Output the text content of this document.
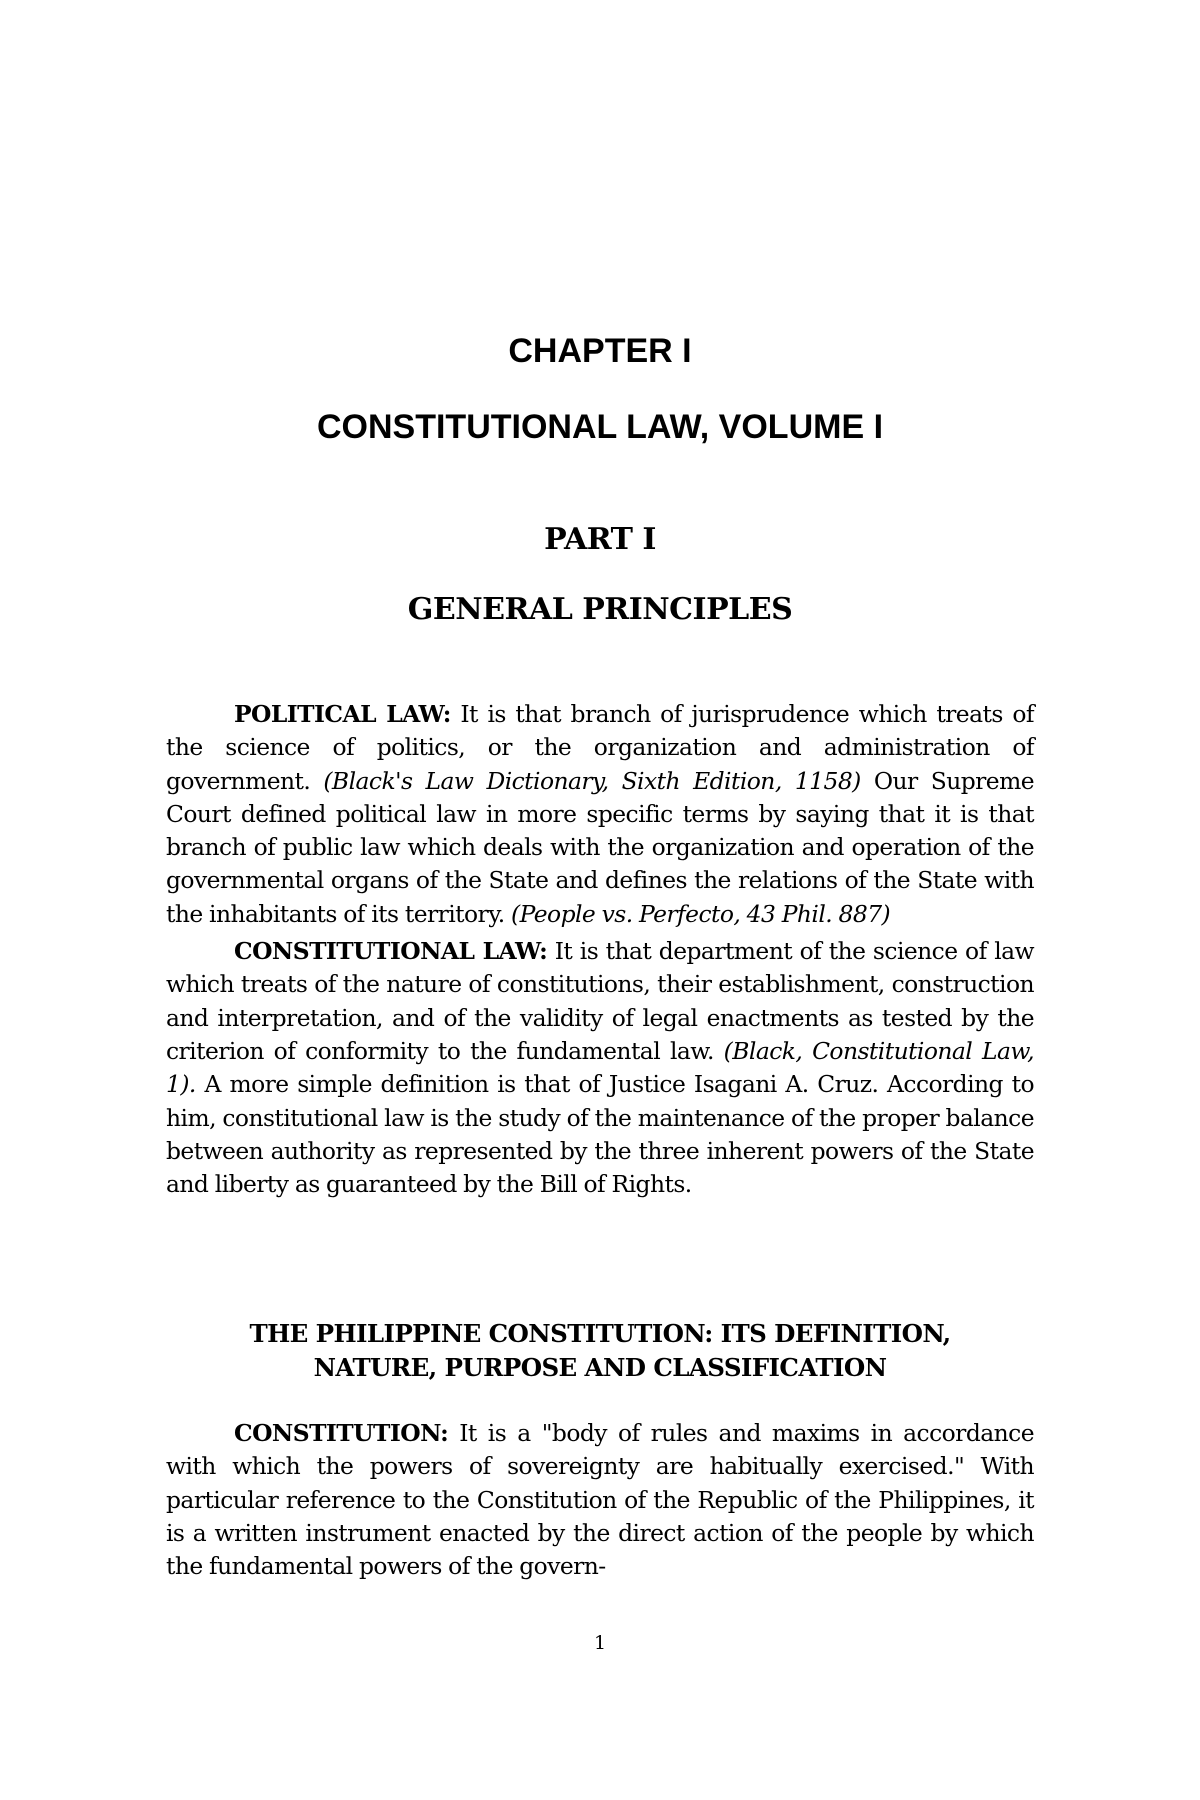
CHAPTER I
CONSTITUTIONAL LAW, VOLUME I
PART I
GENERAL PRINCIPLES

POLITICAL LAW: It is that branch of jurisprudence which treats of the science of politics, or the organization and administration of government. (Black's Law Dictionary, Sixth Edition, 1158) Our Supreme Court defined political law in more specific terms by saying that it is that branch of public law which deals with the organization and operation of the governmental organs of the State and defines the relations of the State with the inhabitants of its territory. (People vs. Perfecto, 43 Phil. 887)

CONSTITUTIONAL LAW: It is that department of the science of law which treats of the nature of constitutions, their establishment, construction and interpretation, and of the validity of legal enactments as tested by the criterion of conformity to the fundamental law. (Black, Constitutional Law, 1). A more simple definition is that of Justice Isagani A. Cruz. According to him, constitutional law is the study of the maintenance of the proper balance between authority as represented by the three inherent powers of the State and liberty as guaranteed by the Bill of Rights.

THE PHILIPPINE CONSTITUTION: ITS DEFINITION,
NATURE, PURPOSE AND CLASSIFICATION

CONSTITUTION: It is a "body of rules and maxims in accordance with which the powers of sovereignty are habitually exercised." With particular reference to the Constitution of the Republic of the Philippines, it is a written instrument enacted by the direct action of the people by which the fundamental powers of the govern-

1
